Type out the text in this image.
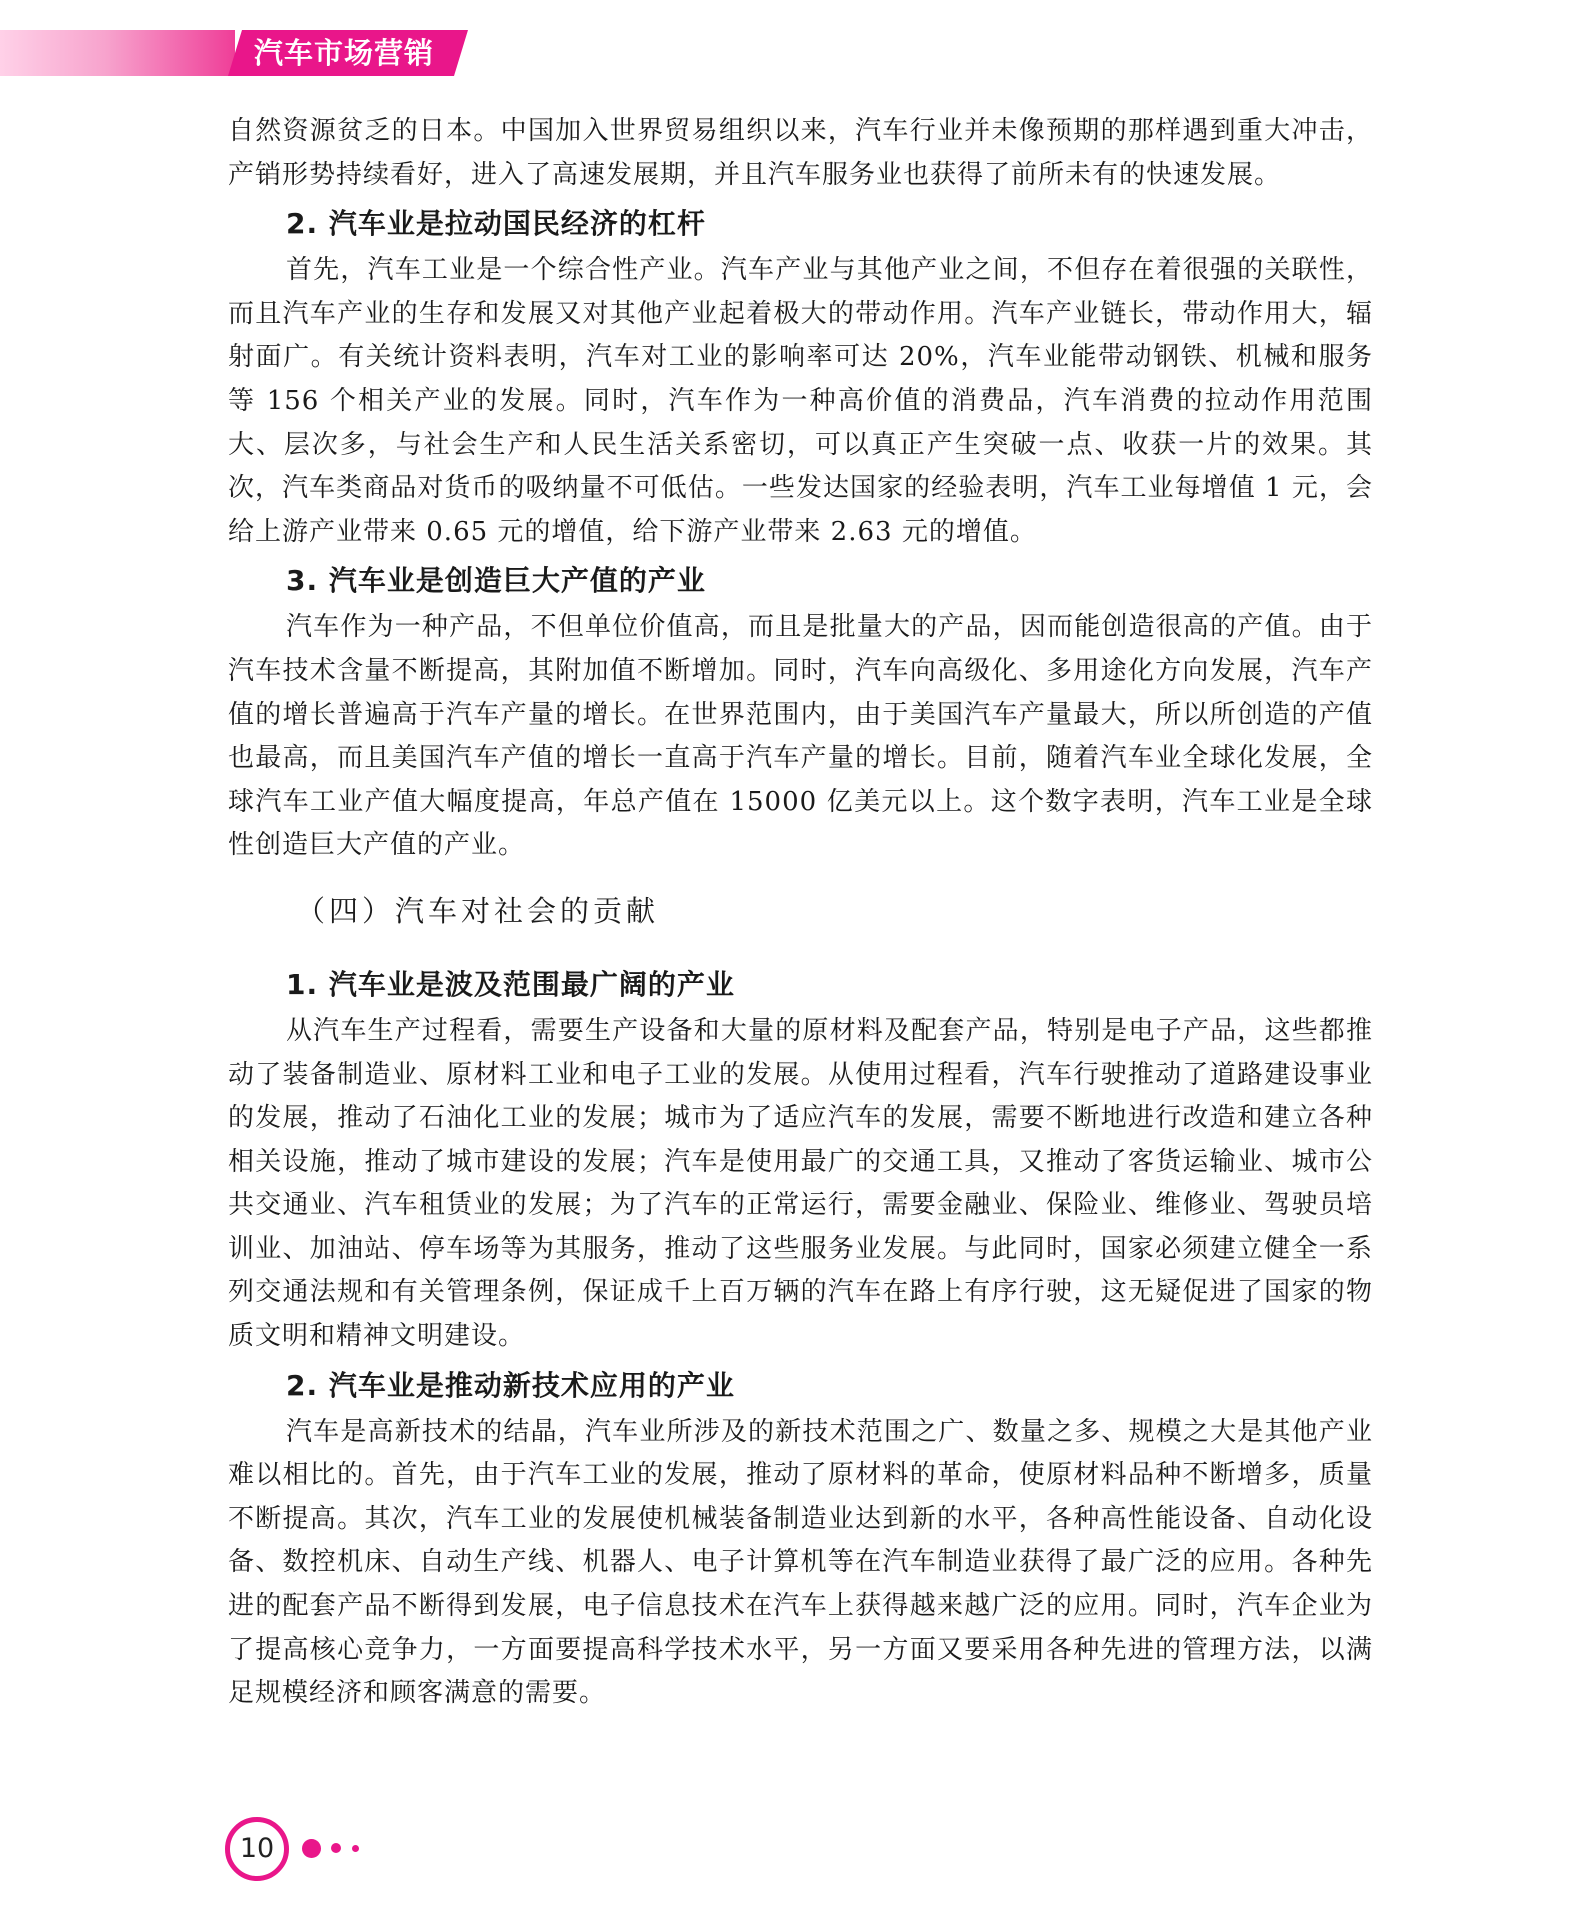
汽车市场营销

自然资源贫乏的日本。中国加入世界贸易组织以来，汽车行业并未像预期的那样遇到重大冲击，产销形势持续看好，进入了高速发展期，并且汽车服务业也获得了前所未有的快速发展。

2. 汽车业是拉动国民经济的杠杆

首先，汽车工业是一个综合性产业。汽车产业与其他产业之间，不但存在着很强的关联性，而且汽车产业的生存和发展又对其他产业起着极大的带动作用。汽车产业链长，带动作用大，辐射面广。有关统计资料表明，汽车对工业的影响率可达 20%，汽车业能带动钢铁、机械和服务等 156 个相关产业的发展。同时，汽车作为一种高价值的消费品，汽车消费的拉动作用范围大、层次多，与社会生产和人民生活关系密切，可以真正产生突破一点、收获一片的效果。其次，汽车类商品对货币的吸纳量不可低估。一些发达国家的经验表明，汽车工业每增值 1 元，会给上游产业带来 0.65 元的增值，给下游产业带来 2.63 元的增值。

3. 汽车业是创造巨大产值的产业

汽车作为一种产品，不但单位价值高，而且是批量大的产品，因而能创造很高的产值。由于汽车技术含量不断提高，其附加值不断增加。同时，汽车向高级化、多用途化方向发展，汽车产值的增长普遍高于汽车产量的增长。在世界范围内，由于美国汽车产量最大，所以所创造的产值也最高，而且美国汽车产值的增长一直高于汽车产量的增长。目前，随着汽车业全球化发展，全球汽车工业产值大幅度提高，年总产值在 15000 亿美元以上。这个数字表明，汽车工业是全球性创造巨大产值的产业。

（四）汽车对社会的贡献
1. 汽车业是波及范围最广阔的产业

从汽车生产过程看，需要生产设备和大量的原材料及配套产品，特别是电子产品，这些都推动了装备制造业、原材料工业和电子工业的发展。从使用过程看，汽车行驶推动了道路建设事业的发展，推动了石油化工业的发展；城市为了适应汽车的发展，需要不断地进行改造和建立各种相关设施，推动了城市建设的发展；汽车是使用最广的交通工具，又推动了客货运输业、城市公共交通业、汽车租赁业的发展；为了汽车的正常运行，需要金融业、保险业、维修业、驾驶员培训业、加油站、停车场等为其服务，推动了这些服务业发展。与此同时，国家必须建立健全一系列交通法规和有关管理条例，保证成千上百万辆的汽车在路上有序行驶，这无疑促进了国家的物质文明和精神文明建设。

2. 汽车业是推动新技术应用的产业

汽车是高新技术的结晶，汽车业所涉及的新技术范围之广、数量之多、规模之大是其他产业难以相比的。首先，由于汽车工业的发展，推动了原材料的革命，使原材料品种不断增多，质量不断提高。其次，汽车工业的发展使机械装备制造业达到新的水平，各种高性能设备、自动化设备、数控机床、自动生产线、机器人、电子计算机等在汽车制造业获得了最广泛的应用。各种先进的配套产品不断得到发展，电子信息技术在汽车上获得越来越广泛的应用。同时，汽车企业为了提高核心竞争力，一方面要提高科学技术水平，另一方面又要采用各种先进的管理方法，以满足规模经济和顾客满意的需要。

10
